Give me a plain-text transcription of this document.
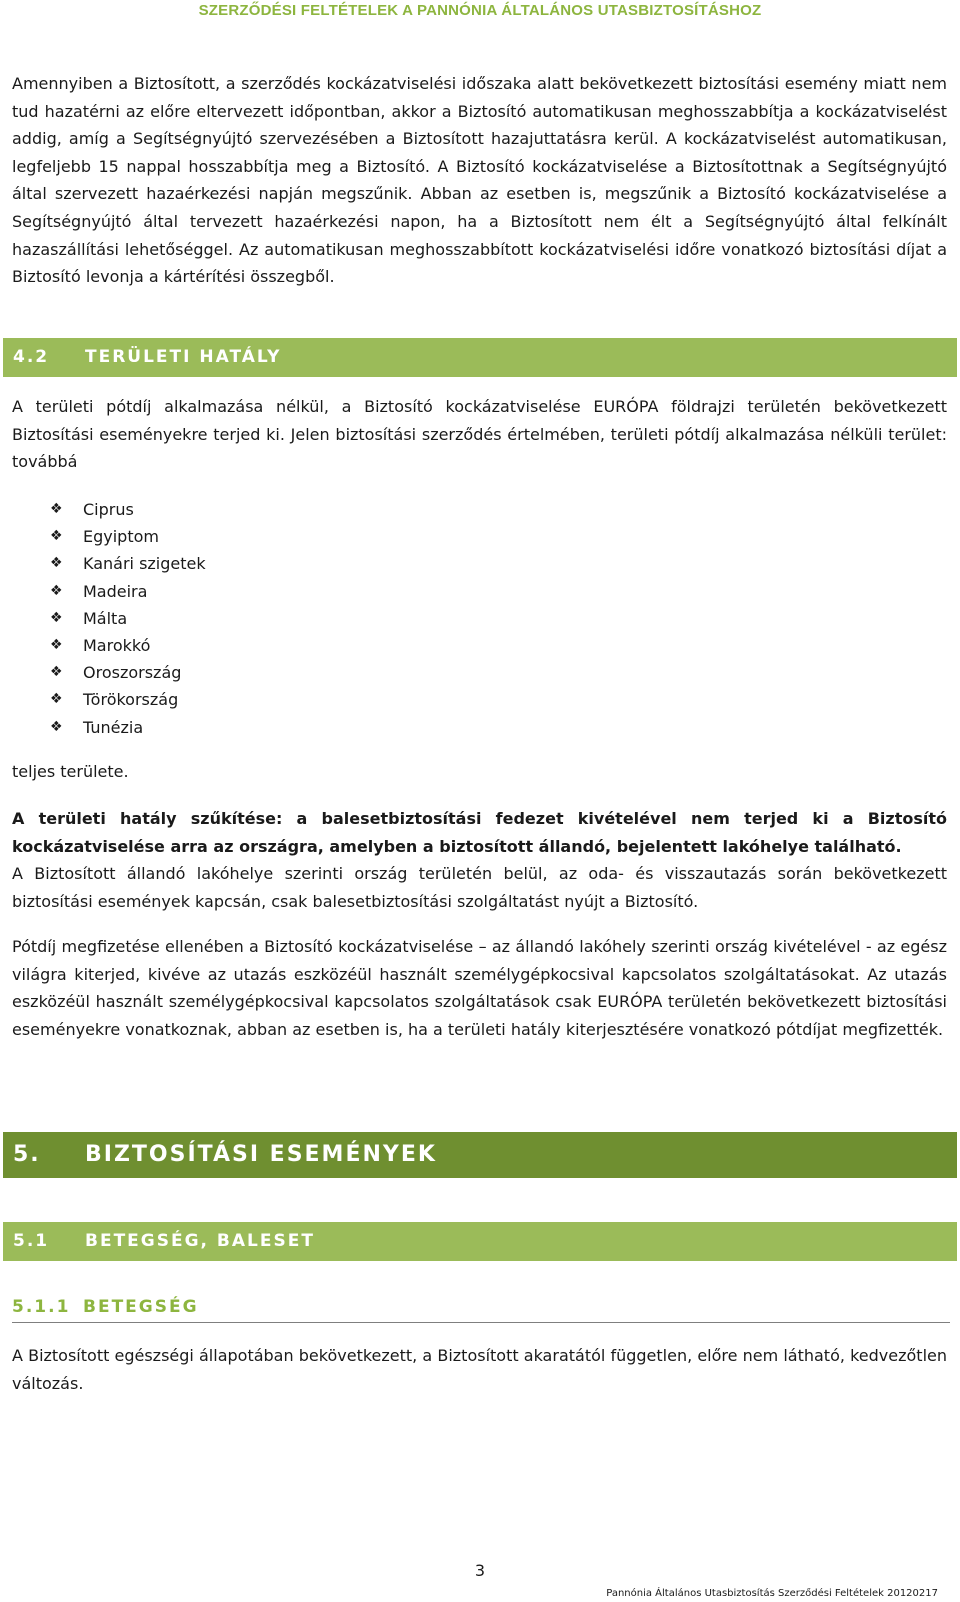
SZERZŐDÉSI FELTÉTELEK A PANNÓNIA ÁLTALÁNOS UTASBIZTOSÍTÁSHOZ

Amennyiben a Biztosított, a szerződés kockázatviselési időszaka alatt bekövetkezett biztosítási esemény miatt nem tud hazatérni az előre eltervezett időpontban, akkor a Biztosító automatikusan meghosszabbítja a kockázatviselést addig, amíg a Segítségnyújtó szervezésében a Biztosított hazajuttatásra kerül. A kockázatviselést automatikusan, legfeljebb 15 nappal hosszabbítja meg a Biztosító. A Biztosító kockázatviselése a Biztosítottnak a Segítségnyújtó által szervezett hazaérkezési napján megszűnik. Abban az esetben is, megszűnik a Biztosító kockázatviselése a Segítségnyújtó által tervezett hazaérkezési napon, ha a Biztosított nem élt a Segítségnyújtó által felkínált hazaszállítási lehetőséggel. Az automatikusan meghosszabbított kockázatviselési időre vonatkozó biztosítási díjat a Biztosító levonja a kártérítési összegből.

4.2 TERÜLETI HATÁLY

A területi pótdíj alkalmazása nélkül, a Biztosító kockázatviselése EURÓPA földrajzi területén bekövetkezett Biztosítási eseményekre terjed ki. Jelen biztosítási szerződés értelmében, területi pótdíj alkalmazása nélküli terület: továbbá

❖	Ciprus
❖	Egyiptom
❖	Kanári szigetek
❖	Madeira
❖	Málta
❖	Marokkó
❖	Oroszország
❖	Törökország
❖	Tunézia

teljes területe.

A területi hatály szűkítése: a balesetbiztosítási fedezet kivételével nem terjed ki a Biztosító kockázatviselése arra az országra, amelyben a biztosított állandó, bejelentett lakóhelye található.

A Biztosított állandó lakóhelye szerinti ország területén belül, az oda- és visszautazás során bekövetkezett biztosítási események kapcsán, csak balesetbiztosítási szolgáltatást nyújt a Biztosító.

Pótdíj megfizetése ellenében a Biztosító kockázatviselése – az állandó lakóhely szerinti ország kivételével - az egész világra kiterjed, kivéve az utazás eszközéül használt személygépkocsival kapcsolatos szolgáltatásokat. Az utazás eszközéül használt személygépkocsival kapcsolatos szolgáltatások csak EURÓPA területén bekövetkezett biztosítási eseményekre vonatkoznak, abban az esetben is, ha a területi hatály kiterjesztésére vonatkozó pótdíjat megfizették.

5. BIZTOSÍTÁSI ESEMÉNYEK
5.1 BETEGSÉG, BALESET
5.1.1 BETEGSÉG

A Biztosított egészségi állapotában bekövetkezett, a Biztosított akaratától független, előre nem látható, kedvezőtlen változás.

3
Pannónia Általános Utasbiztosítás Szerződési Feltételek 20120217
